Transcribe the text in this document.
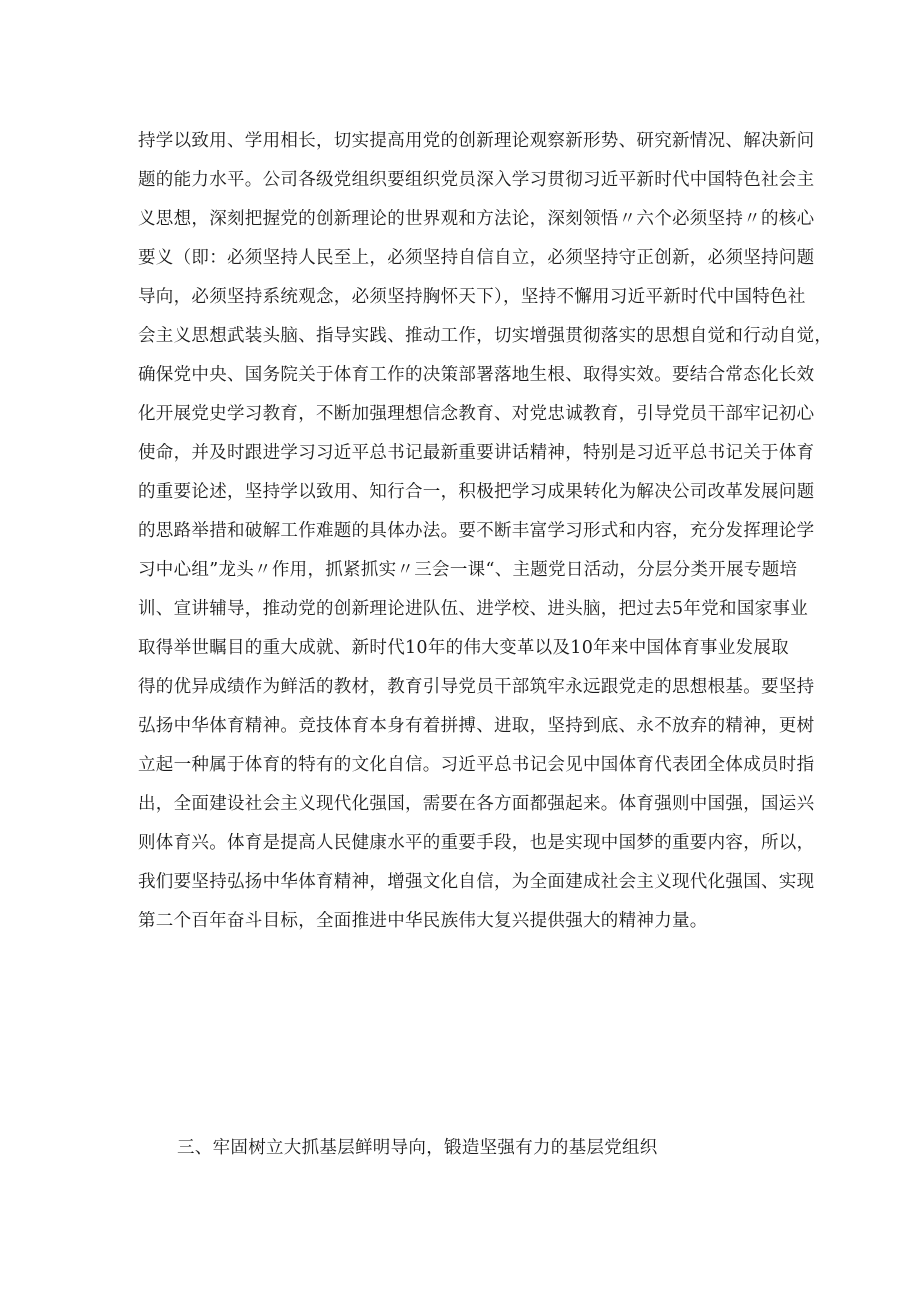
持学以致用、学用相长，切实提高用党的创新理论观察新形势、研究新情况、解决新问
题的能力水平。公司各级党组织要组织党员深入学习贯彻习近平新时代中国特色社会主
义思想，深刻把握党的创新理论的世界观和方法论，深刻领悟〃六个必须坚持〃的核心
要义（即：必须坚持人民至上，必须坚持自信自立，必须坚持守正创新，必须坚持问题
导向，必须坚持系统观念，必须坚持胸怀天下），坚持不懈用习近平新时代中国特色社
会主义思想武装头脑、指导实践、推动工作，切实增强贯彻落实的思想自觉和行动自觉，
确保党中央、国务院关于体育工作的决策部署落地生根、取得实效。要结合常态化长效
化开展党史学习教育，不断加强理想信念教育、对党忠诚教育，引导党员干部牢记初心
使命，并及时跟进学习习近平总书记最新重要讲话精神，特别是习近平总书记关于体育
的重要论述，坚持学以致用、知行合一，积极把学习成果转化为解决公司改革发展问题
的思路举措和破解工作难题的具体办法。要不断丰富学习形式和内容，充分发挥理论学
习中心组”龙头〃作用，抓紧抓实〃三会一课“、主题党日活动，分层分类开展专题培
训、宣讲辅导，推动党的创新理论进队伍、进学校、进头脑，把过去5年党和国家事业
取得举世瞩目的重大成就、新时代10年的伟大变革以及10年来中国体育事业发展取
得的优异成绩作为鲜活的教材，教育引导党员干部筑牢永远跟党走的思想根基。要坚持
弘扬中华体育精神。竞技体育本身有着拼搏、进取，坚持到底、永不放弃的精神，更树
立起一种属于体育的特有的文化自信。习近平总书记会见中国体育代表团全体成员时指
出，全面建设社会主义现代化强国，需要在各方面都强起来。体育强则中国强，国运兴
则体育兴。体育是提高人民健康水平的重要手段，也是实现中国梦的重要内容，所以，
我们要坚持弘扬中华体育精神，增强文化自信，为全面建成社会主义现代化强国、实现
第二个百年奋斗目标，全面推进中华民族伟大复兴提供强大的精神力量。
三、牢固树立大抓基层鲜明导向，锻造坚强有力的基层党组织
